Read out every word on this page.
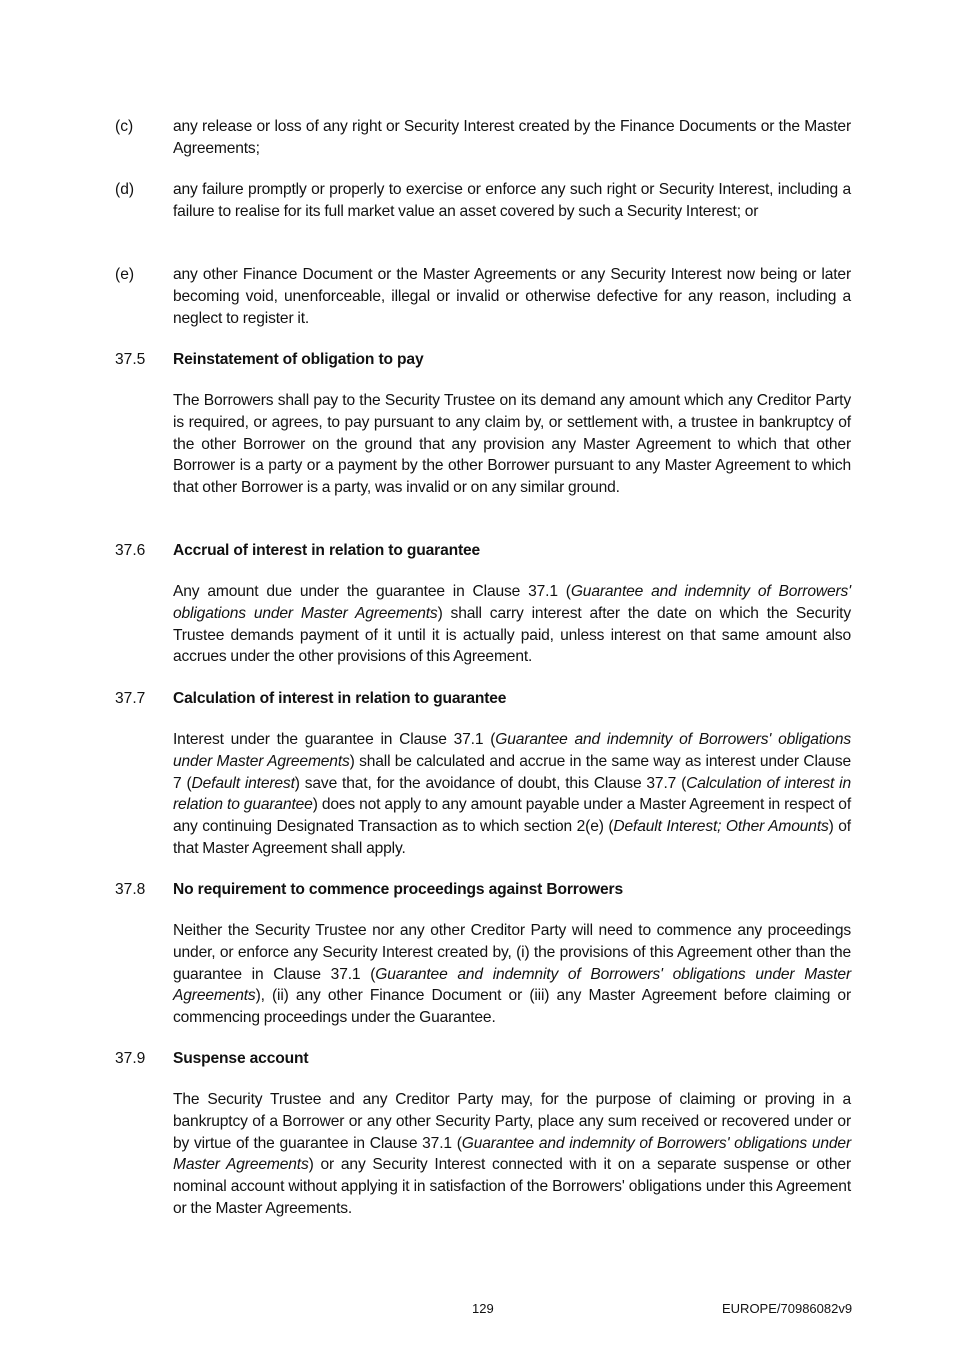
(c)	any release or loss of any right or Security Interest created by the Finance Documents or the Master Agreements;
(d) any failure promptly or properly to exercise or enforce any such right or Security Interest, including a failure to realise for its full market value an asset covered by such a Security Interest; or
(e) any other Finance Document or the Master Agreements or any Security Interest now being or later becoming void, unenforceable, illegal or invalid or otherwise defective for any reason, including a neglect to register it.
37.5 Reinstatement of obligation to pay
The Borrowers shall pay to the Security Trustee on its demand any amount which any Creditor Party is required, or agrees, to pay pursuant to any claim by, or settlement with, a trustee in bankruptcy of the other Borrower on the ground that any provision any Master Agreement to which that other Borrower is a party or a payment by the other Borrower pursuant to any Master Agreement to which that other Borrower is a party, was invalid or on any similar ground.
37.6 Accrual of interest in relation to guarantee
Any amount due under the guarantee in Clause 37.1 (Guarantee and indemnity of Borrowers' obligations under Master Agreements) shall carry interest after the date on which the Security Trustee demands payment of it until it is actually paid, unless interest on that same amount also accrues under the other provisions of this Agreement.
37.7 Calculation of interest in relation to guarantee
Interest under the guarantee in Clause 37.1 (Guarantee and indemnity of Borrowers' obligations under Master Agreements) shall be calculated and accrue in the same way as interest under Clause 7 (Default interest) save that, for the avoidance of doubt, this Clause 37.7 (Calculation of interest in relation to guarantee) does not apply to any amount payable under a Master Agreement in respect of any continuing Designated Transaction as to which section 2(e) (Default Interest; Other Amounts) of that Master Agreement shall apply.
37.8 No requirement to commence proceedings against Borrowers
Neither the Security Trustee nor any other Creditor Party will need to commence any proceedings under, or enforce any Security Interest created by, (i) the provisions of this Agreement other than the guarantee in Clause 37.1 (Guarantee and indemnity of Borrowers' obligations under Master Agreements), (ii) any other Finance Document or (iii) any Master Agreement before claiming or commencing proceedings under the Guarantee.
37.9 Suspense account
The Security Trustee and any Creditor Party may, for the purpose of claiming or proving in a bankruptcy of a Borrower or any other Security Party, place any sum received or recovered under or by virtue of the guarantee in Clause 37.1 (Guarantee and indemnity of Borrowers' obligations under Master Agreements) or any Security Interest connected with it on a separate suspense or other nominal account without applying it in satisfaction of the Borrowers' obligations under this Agreement or the Master Agreements.
129	EUROPE/70986082v9
